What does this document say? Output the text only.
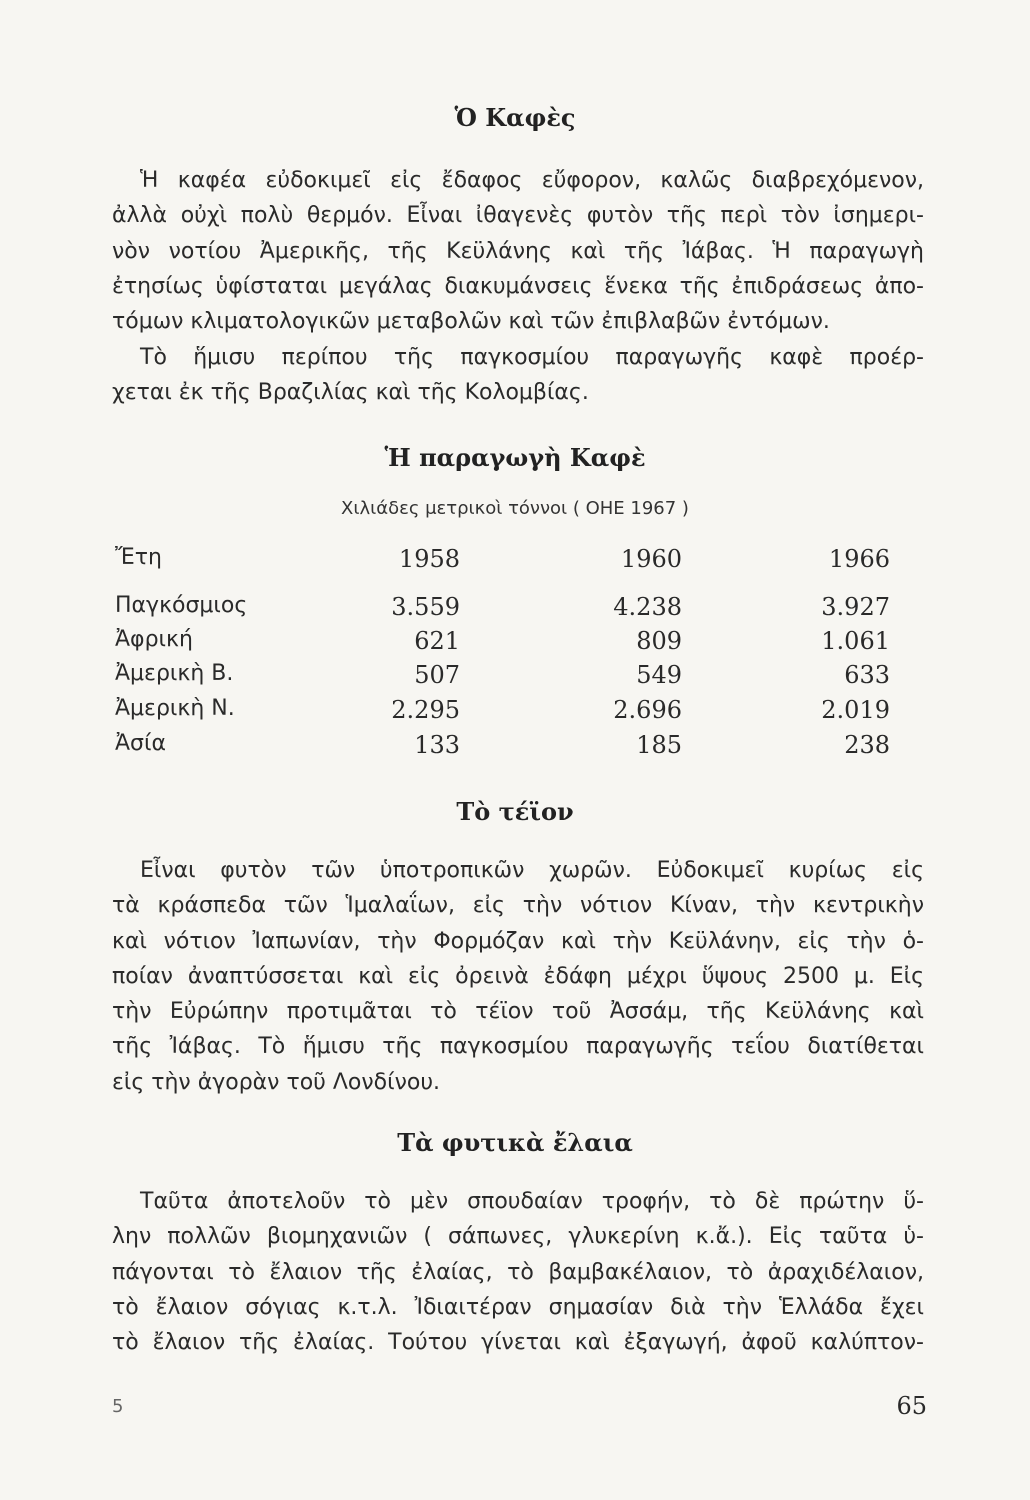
Ὁ Καφὲς

Ἡ καφέα εὐδοκιμεῖ εἰς ἔδαφος εὔφορον, καλῶς διαβρεχόμενον,
ἀλλὰ οὐχὶ πολὺ θερμόν. Εἶναι ἰθαγενὲς φυτὸν τῆς περὶ τὸν ἰσημερι-
νὸν νοτίου Ἀμερικῆς, τῆς Κεϋλάνης καὶ τῆς Ἰάβας. Ἡ παραγωγὴ
ἐτησίως ὑφίσταται μεγάλας διακυμάνσεις ἕνεκα τῆς ἐπιδράσεως ἀπο-
τόμων κλιματολογικῶν μεταβολῶν καὶ τῶν ἐπιβλαβῶν ἐντόμων.

Τὸ ἥμισυ περίπου τῆς παγκοσμίου παραγωγῆς καφὲ προέρ-
χεται ἐκ τῆς Βραζιλίας καὶ τῆς Κολομβίας.

Ἡ παραγωγὴ Καφὲ
Χιλιάδες μετρικοὶ τόννοι ( ΟΗΕ 1967 )
Ἔτη	1958	1960	1966
Παγκόσμιος	3.559	4.238	3.927
Ἀφρική	621	809	1.061
Ἀμερικὴ Β.	507	549	633
Ἀμερικὴ Ν.	2.295	2.696	2.019
Ἀσία	133	185	238
Τὸ τέϊον

Εἶναι φυτὸν τῶν ὑποτροπικῶν χωρῶν. Εὐδοκιμεῖ κυρίως εἰς
τὰ κράσπεδα τῶν Ἱμαλαΐων, εἰς τὴν νότιον Κίναν, τὴν κεντρικὴν
καὶ νότιον Ἰαπωνίαν, τὴν Φορμόζαν καὶ τὴν Κεϋλάνην, εἰς τὴν ὁ-
ποίαν ἀναπτύσσεται καὶ εἰς ὀρεινὰ ἐδάφη μέχρι ὕψους 2500 μ. Εἰς
τὴν Εὐρώπην προτιμᾶται τὸ τέϊον τοῦ Ἀσσάμ, τῆς Κεϋλάνης καὶ
τῆς Ἰάβας. Τὸ ἥμισυ τῆς παγκοσμίου παραγωγῆς τεΐου διατίθεται
εἰς τὴν ἀγορὰν τοῦ Λονδίνου.

Τὰ φυτικὰ ἔλαια

Ταῦτα ἀποτελοῦν τὸ μὲν σπουδαίαν τροφήν, τὸ δὲ πρώτην ὕ-
λην πολλῶν βιομηχανιῶν ( σάπωνες, γλυκερίνη κ.ἄ.). Εἰς ταῦτα ὑ-
πάγονται τὸ ἔλαιον τῆς ἐλαίας, τὸ βαμβακέλαιον, τὸ ἀραχιδέλαιον,
τὸ ἔλαιον σόγιας κ.τ.λ. Ἰδιαιτέραν σημασίαν διὰ τὴν Ἑλλάδα ἔχει
τὸ ἔλαιον τῆς ἐλαίας. Τούτου γίνεται καὶ ἐξαγωγή, ἀφοῦ καλύπτον-

5	65
